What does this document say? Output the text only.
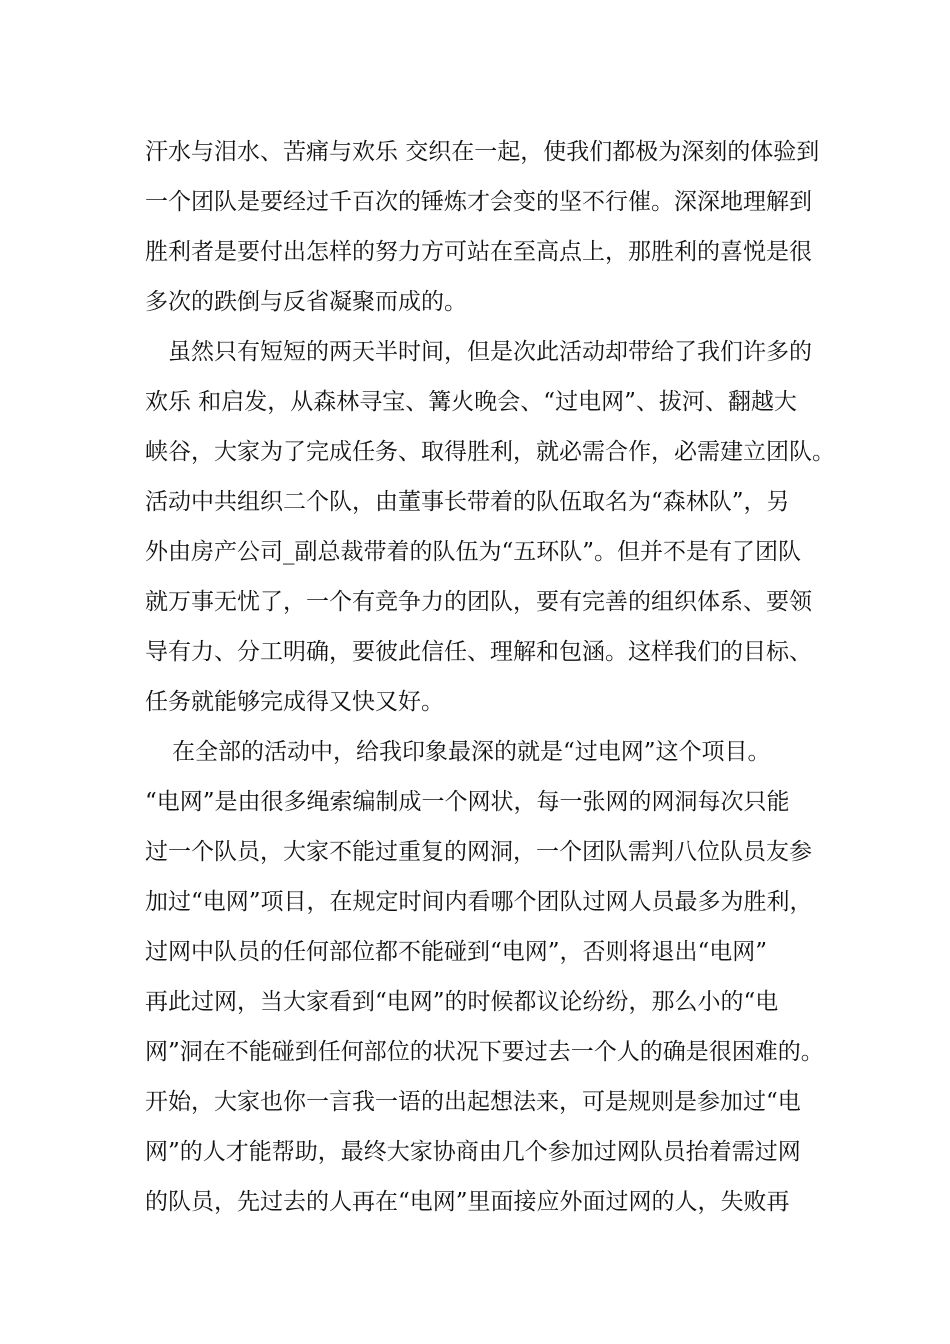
汗水与泪水、苦痛与欢乐 交织在一起，使我们都极为深刻的体验到
一个团队是要经过千百次的锤炼才会变的坚不行催。深深地理解到
胜利者是要付出怎样的努力方可站在至高点上，那胜利的喜悦是很
多次的跌倒与反省凝聚而成的。
虽然只有短短的两天半时间，但是次此活动却带给了我们许多的
欢乐 和启发，从森林寻宝、篝火晚会、“过电网”、拔河、翻越大
峡谷，大家为了完成任务、取得胜利，就必需合作，必需建立团队。
活动中共组织二个队，由董事长带着的队伍取名为“森林队”，另
外由房产公司_副总裁带着的队伍为“五环队”。但并不是有了团队
就万事无忧了，一个有竞争力的团队，要有完善的组织体系、要领
导有力、分工明确，要彼此信任、理解和包涵。这样我们的目标、
任务就能够完成得又快又好。
在全部的活动中，给我印象最深的就是“过电网”这个项目。
“电网”是由很多绳索编制成一个网状，每一张网的网洞每次只能
过一个队员，大家不能过重复的网洞，一个团队需判八位队员友参
加过“电网”项目，在规定时间内看哪个团队过网人员最多为胜利，
过网中队员的任何部位都不能碰到“电网”，否则将退出“电网”
再此过网，当大家看到“电网”的时候都议论纷纷，那么小的“电
网”洞在不能碰到任何部位的状况下要过去一个人的确是很困难的。
开始，大家也你一言我一语的出起想法来，可是规则是参加过“电
网”的人才能帮助，最终大家协商由几个参加过网队员抬着需过网
的队员，先过去的人再在“电网”里面接应外面过网的人，失败再
